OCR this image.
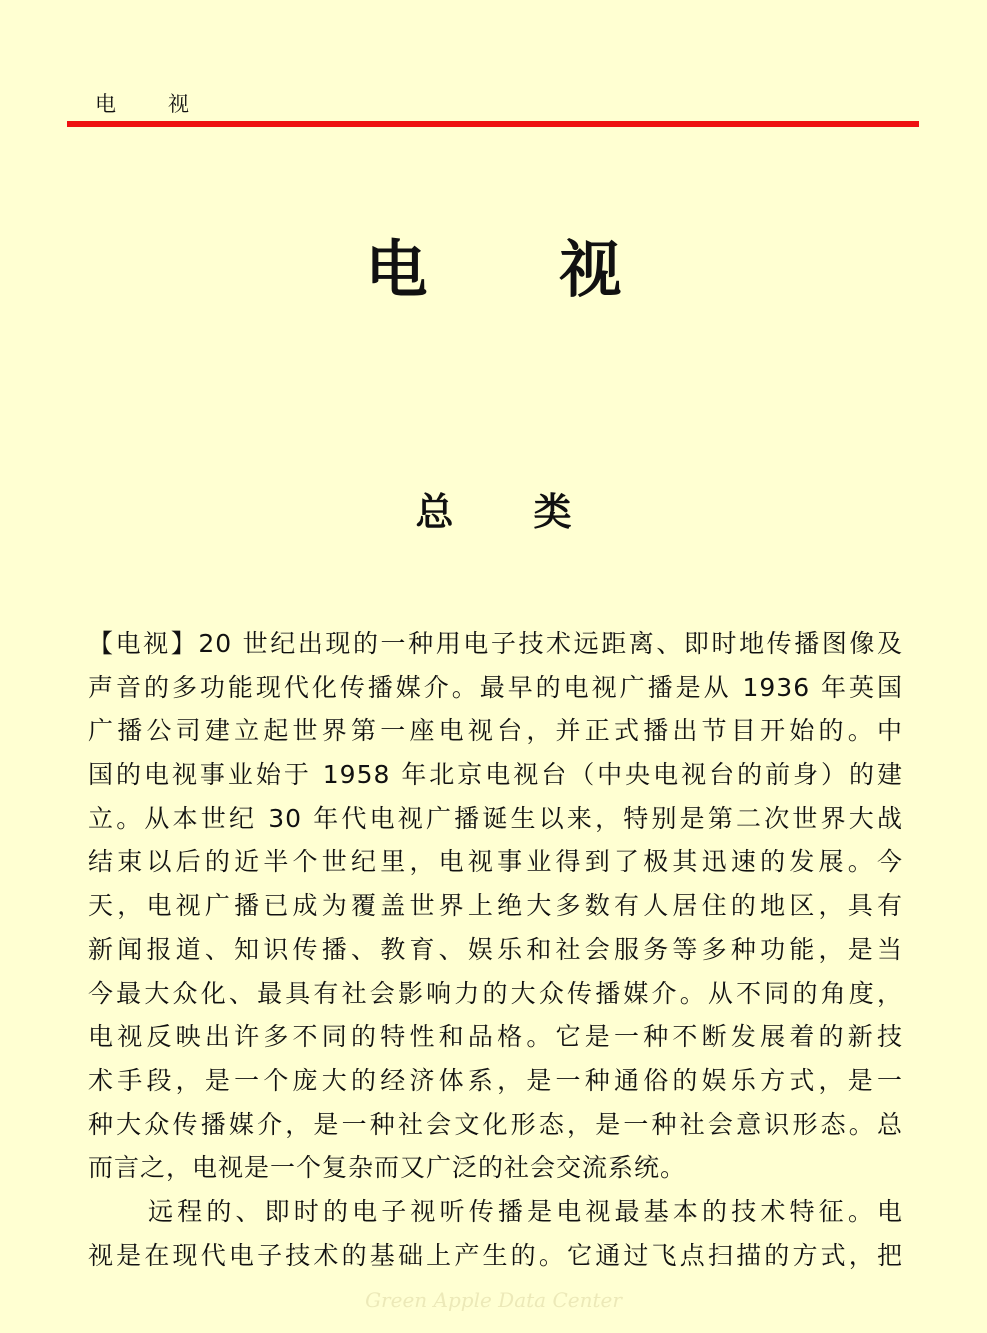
电 视
电 视
总 类
【电视】20 世纪出现的一种用电子技术远距离、即时地传播图像及
声音的多功能现代化传播媒介。最早的电视广播是从 1936 年英国
广播公司建立起世界第一座电视台，并正式播出节目开始的。中
国的电视事业始于 1958 年北京电视台（中央电视台的前身）的建
立。从本世纪 30 年代电视广播诞生以来，特别是第二次世界大战
结束以后的近半个世纪里，电视事业得到了极其迅速的发展。今
天，电视广播已成为覆盖世界上绝大多数有人居住的地区，具有
新闻报道、知识传播、教育、娱乐和社会服务等多种功能，是当
今最大众化、最具有社会影响力的大众传播媒介。从不同的角度，
电视反映出许多不同的特性和品格。它是一种不断发展着的新技
术手段，是一个庞大的经济体系，是一种通俗的娱乐方式，是一
种大众传播媒介，是一种社会文化形态，是一种社会意识形态。总
而言之，电视是一个复杂而又广泛的社会交流系统。
远程的、即时的电子视听传播是电视最基本的技术特征。电
视是在现代电子技术的基础上产生的。它通过飞点扫描的方式，把
Green Apple Data Center
